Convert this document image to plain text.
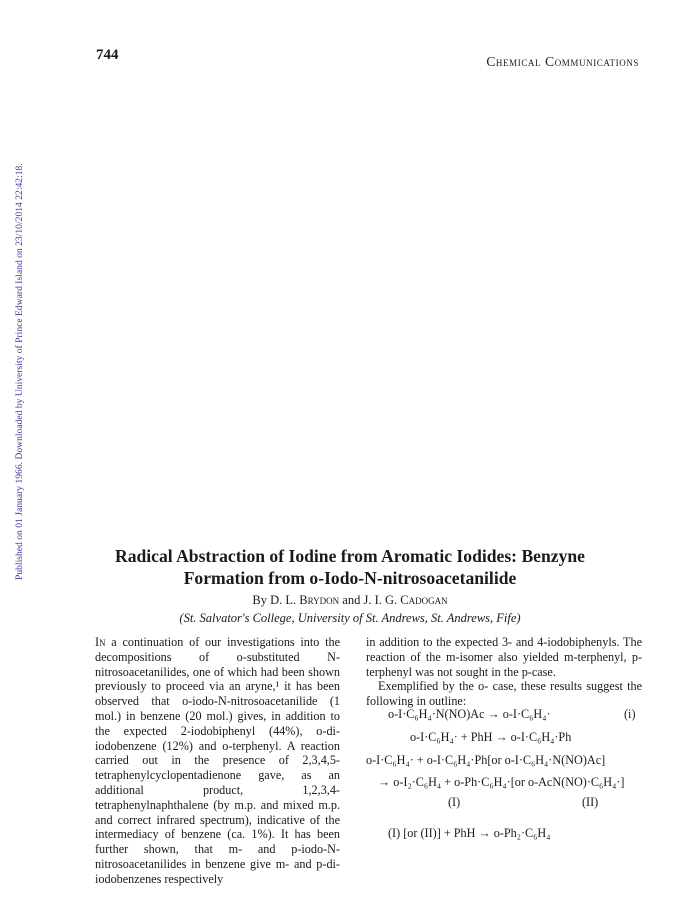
744	Chemical Communications
Published on 01 January 1966. Downloaded by University of Prince Edward Island on 23/10/2014 22:42:18.	Radical Abstraction of Iodine from Aromatic Iodides: Benzyne
Formation from o-Iodo-N-nitrosoacetanilide
By D. L. Brydon and J. I. G. Cadogan
(St. Salvator's College, University of St. Andrews, St. Andrews, Fife)
In a continuation of our investigations into the decompositions of o-substituted N-nitrosoacetanilides, one of which had been shown previously to proceed via an aryne,¹ it has been observed that o-iodo-N-nitrosoacetanilide (1 mol.) in benzene (20 mol.) gives, in addition to the expected 2-iodobiphenyl (44%), o-di-iodobenzene (12%) and o-terphenyl. A reaction carried out in the presence of 2,3,4,5-tetraphenylcyclopentadienone gave, as an additional product, 1,2,3,4-tetraphenylnaphthalene (by m.p. and mixed m.p. and correct infrared spectrum), indicative of the intermediacy of benzene (ca. 1%). It has been further shown, that m- and p-iodo-N-nitrosoacetanilides in benzene give m- and p-di-iodobenzenes respectively

in addition to the expected 3- and 4-iodobiphenyls. The reaction of the m-isomer also yielded m-terphenyl, p-terphenyl was not sought in the p-case.

Exemplified by the o- case, these results suggest the following in outline:

o-I·C₆H₄·N(NO)Ac → o-I·C₆H₄·	(i)
o-I·C₆H₄· + PhH → o-I·C₆H₄·Ph
o-I·C₆H₄· + o-I·C₆H₄·Ph[or o-I·C₆H₄·N(NO)Ac]
→ o-I₂·C₆H₄ + o-Ph·C₆H₄·[or o-AcN(NO)·C₆H₄·]
(I)	(II)
(I) [or (II)] + PhH → o-Ph₂·C₆H₄
